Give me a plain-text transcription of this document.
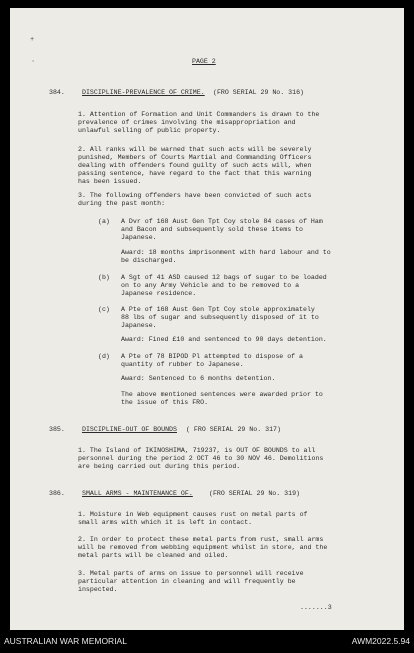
+
·	PAGE 2
384.	DISCIPLINE-PREVALENCE OF CRIME. (FRO SERIAL 29 No. 316)
1. Attention of Formation and Unit Commanders is drawn to the
prevalence of crimes involving the misappropriation and
unlawful selling of public property.
2. All ranks will be warned that such acts will be severely
punished, Members of Courts Martial and Commanding Officers
dealing with offenders found guilty of such acts will, when
passing sentence, have regard to the fact that this warning
has been issued.
3. The following offenders have been convicted of such acts
during the past month:
(a) A Dvr of 168 Aust Gen Tpt Coy stole 84 cases of Ham
and Bacon and subsequently sold these items to
Japanese.
Award: 18 months imprisonment with hard labour and to
be discharged.
(b) A Sgt of 41 ASD caused 12 bags of sugar to be loaded
on to any Army Vehicle and to be removed to a
Japanese residence.
(c) A Pte of 168 Aust Gen Tpt Coy stole approximately
88 lbs of sugar and subsequently disposed of it to
Japanese.
Award: Fined £10 and sentenced to 90 days detention.
(d) A Pte of 78 BIPOD Pl attempted to dispose of a
quantity of rubber to Japanese.
Award: Sentenced to 6 months detention.
The above mentioned sentences were awarded prior to
the issue of this FRO.
385.	DISCIPLINE-OUT OF BOUNDS ( FRO SERIAL 29 No. 317)
1. The Island of IKINOSHIMA, 719237, is OUT OF BOUNDS to all
personnel during the period 2 OCT 46 to 30 NOV 46. Demolitions
are being carried out during this period.
386.	SMALL ARMS - MAINTENANCE OF. (FRO SERIAL 29 No. 319)
1. Moisture in Web equipment causes rust on metal parts of
small arms with which it is left in contact.
2. In order to protect these metal parts from rust, small arms
will be removed from webbing equipment whilst in store, and the
metal parts will be cleaned and oiled.
3. Metal parts of arms on issue to personnel will receive
particular attention in cleaning and will frequently be
inspected.
.......3
AUSTRALIAN WAR MEMORIAL	AWM2022.5.94
